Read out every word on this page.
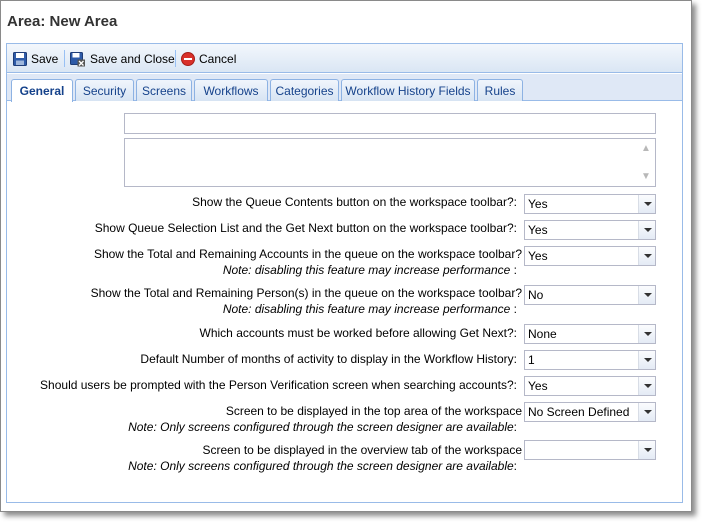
Area: New Area
Save	Save and Close Cancel
General	Security	Screens	Workflows	Categories Workflow History Fields	Rules
▲
▼
Show the Queue Contents button on the workspace toolbar?: Yes
Show Queue Selection List and the Get Next button on the workspace toolbar?: Yes
Show the Total and Remaining Accounts in the queue on the workspace toolbar?
Note: disabling this feature may increase performance :
Yes
Show the Total and Remaining Person(s) in the queue on the workspace toolbar?
Note: disabling this feature may increase performance :
No
Which accounts must be worked before allowing Get Next?: None
Default Number of months of activity to display in the Workflow History: 1
Should users be prompted with the Person Verification screen when searching accounts?: Yes
Screen to be displayed in the top area of the workspace
Note: Only screens configured through the screen designer are available:
No Screen Defined
Screen to be displayed in the overview tab of the workspace
Note: Only screens configured through the screen designer are available:
